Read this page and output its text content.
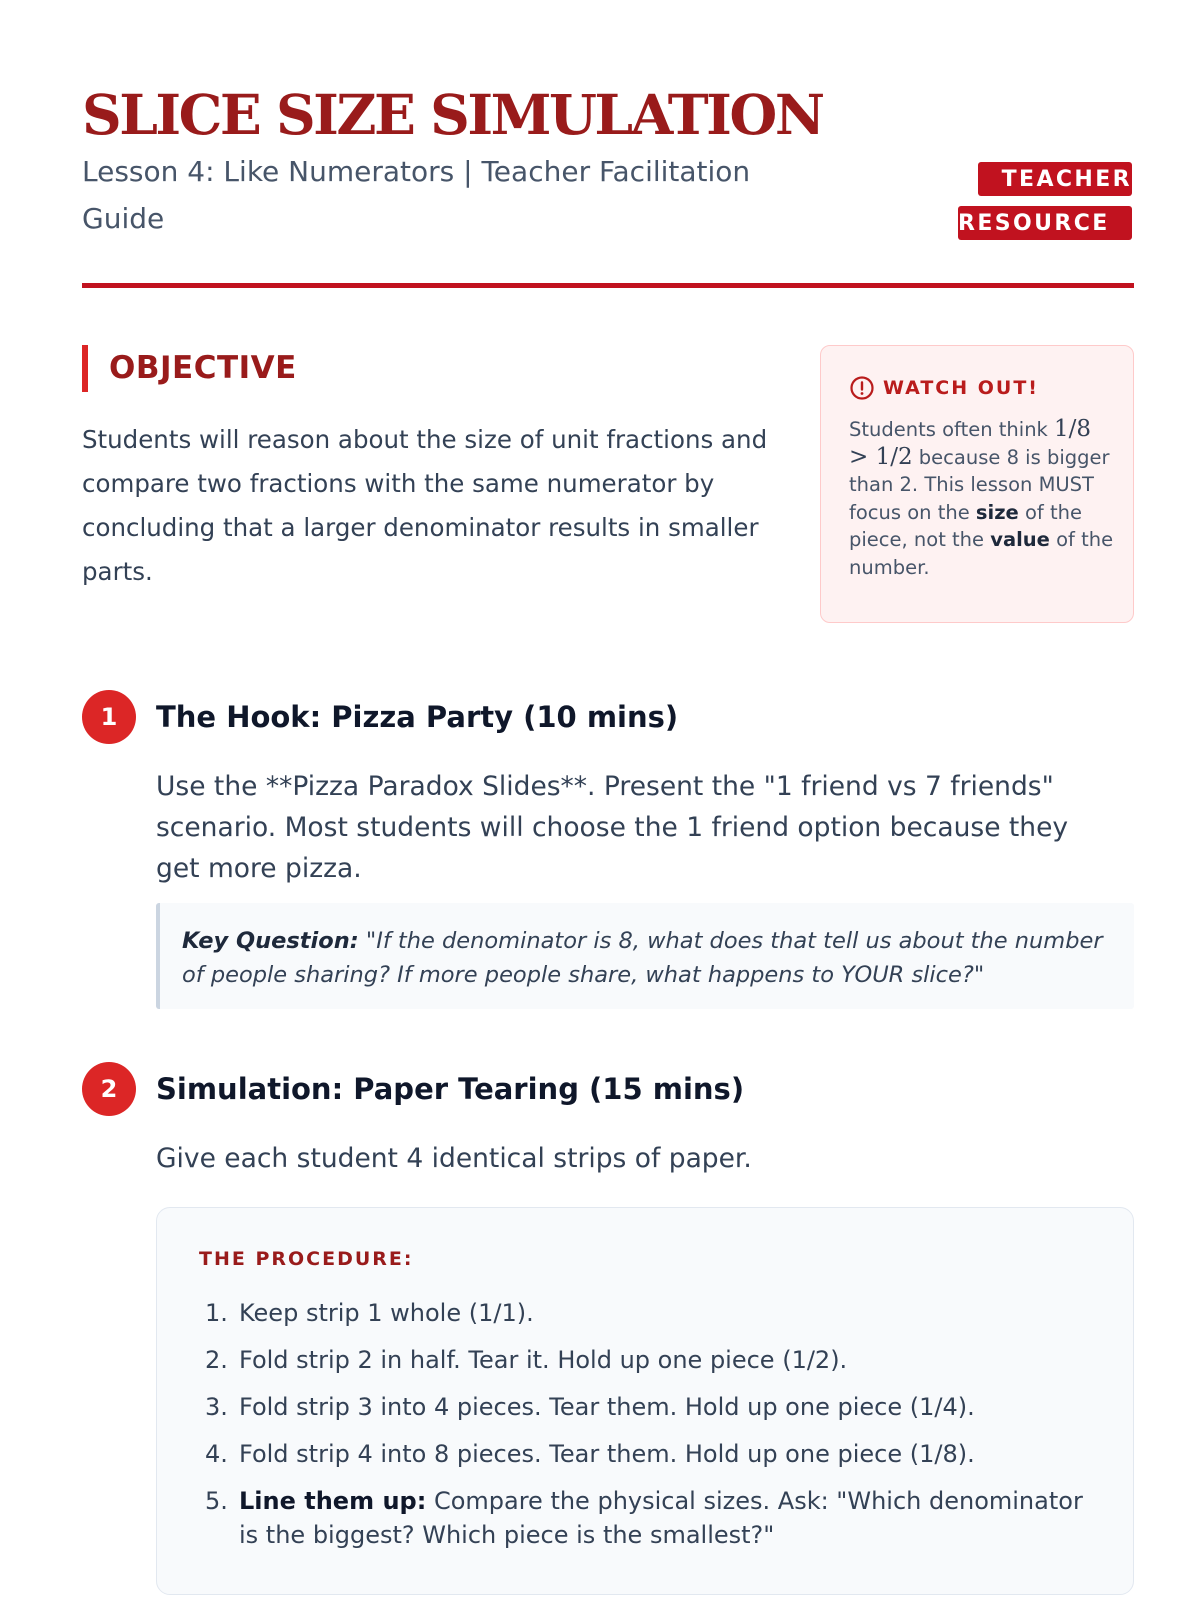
SLICE SIZE SIMULATION

Lesson 4: Like Numerators | Teacher Facilitation Guide

TEACHER
RESOURCE
OBJECTIVE

Students will reason about the size of unit fractions and compare two fractions with the same numerator by concluding that a larger denominator results in smaller parts.

WATCH OUT!

Students often think 1/8 > 1/2 because 8 is bigger than 2. This lesson MUST focus on the size of the piece, not the value of the number.

1	The Hook: Pizza Party (10 mins)

Use the **Pizza Paradox Slides**. Present the "1 friend vs 7 friends" scenario. Most students will choose the 1 friend option because they get more pizza.

Key Question: "If the denominator is 8, what does that tell us about the number of people sharing? If more people share, what happens to YOUR slice?"
2	Simulation: Paper Tearing (15 mins)

Give each student 4 identical strips of paper.

THE PROCEDURE:

1. Keep strip 1 whole (1/1).
2. Fold strip 2 in half. Tear it. Hold up one piece (1/2).
3. Fold strip 3 into 4 pieces. Tear them. Hold up one piece (1/4).
4. Fold strip 4 into 8 pieces. Tear them. Hold up one piece (1/8).
5. Line them up: Compare the physical sizes. Ask: "Which denominator is the biggest? Which piece is the smallest?"
